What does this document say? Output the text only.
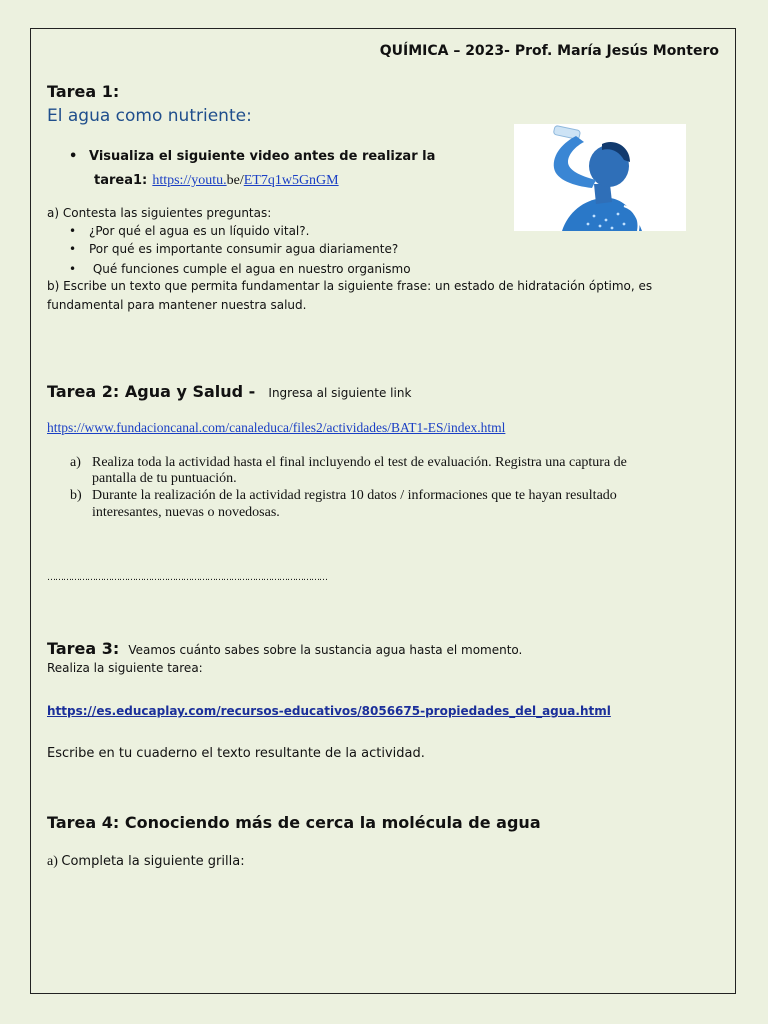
QUÍMICA – 2023- Prof. María Jesús Montero
Tarea 1:
El agua como nutriente:
• Visualiza el siguiente video antes de realizar la
tarea1: https://youtu.be/ET7q1w5GnGM
a) Contesta las siguientes preguntas:
• ¿Por qué el agua es un líquido vital?.
• Por qué es importante consumir agua diariamente?
• Qué funciones cumple el agua en nuestro organismo
b) Escribe un texto que permita fundamentar la siguiente frase: un estado de hidratación óptimo, es
fundamental para mantener nuestra salud.
Tarea 2: Agua y Salud - Ingresa al siguiente link
https://www.fundacioncanal.com/canaleduca/files2/actividades/BAT1-ES/index.html
a) Realiza toda la actividad hasta el final incluyendo el test de evaluación. Registra una captura de
pantalla de tu puntuación.
b) Durante la realización de la actividad registra 10 datos / informaciones que te hayan resultado
interesantes, nuevas o novedosas.
……………………………………………………………………………………………
Tarea 3: Veamos cuánto sabes sobre la sustancia agua hasta el momento.
Realiza la siguiente tarea:
https://es.educaplay.com/recursos-educativos/8056675-propiedades_del_agua.html
Escribe en tu cuaderno el texto resultante de la actividad.
Tarea 4: Conociendo más de cerca la molécula de agua
a) Completa la siguiente grilla:
